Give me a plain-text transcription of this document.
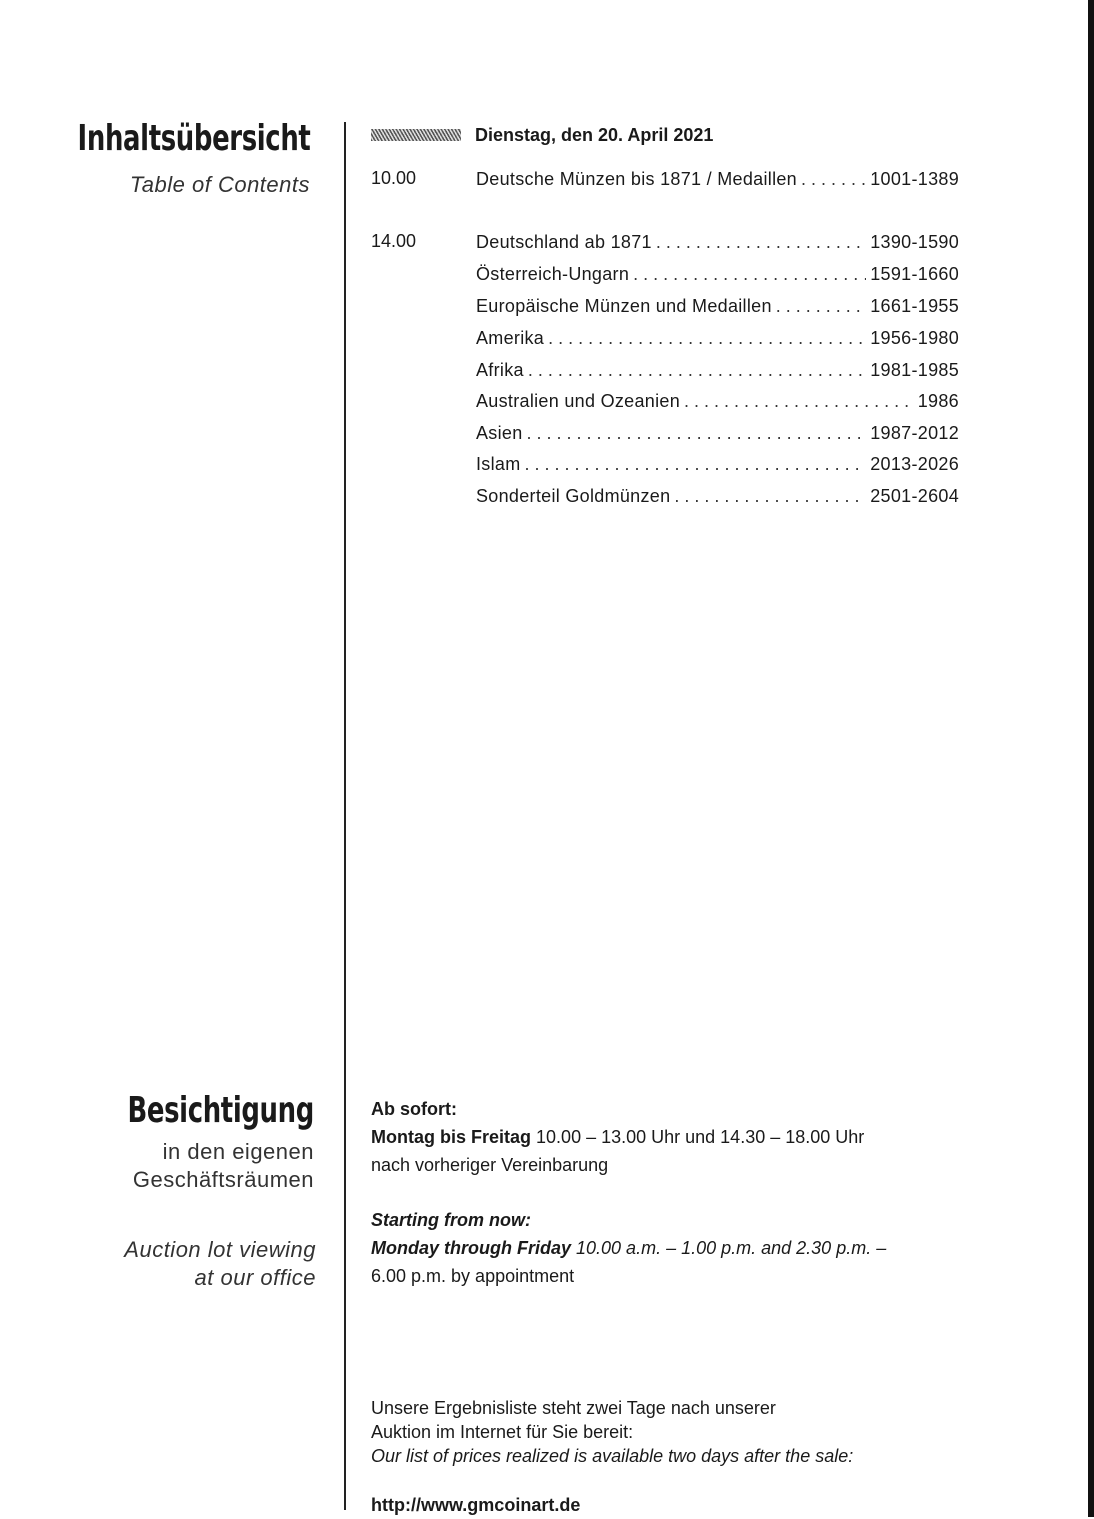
Inhaltsübersicht
Table of Contents
Dienstag, den 20. April 2021
10.00	Deutsche Münzen bis 1871 / Medaillen . . .	1001-1389
14.00	Deutschland ab 1871 . . .	1390-1590
Österreich-Ungarn . . .	1591-1660
Europäische Münzen und Medaillen . . .	1661-1955
Amerika . . .	1956-1980
Afrika . . .	1981-1985
Australien und Ozeanien . . .	1986
Asien . . .	1987-2012
Islam . . .	2013-2026
Sonderteil Goldmünzen . . .	2501-2604
Besichtigung
in den eigenen
Geschäftsräumen
Auction lot viewing
at our office
Ab sofort:
Montag bis Freitag 10.00 – 13.00 Uhr und 14.30 – 18.00 Uhr
nach vorheriger Vereinbarung
Starting from now:
Monday through Friday 10.00 a.m. – 1.00 p.m. and 2.30 p.m. –
6.00 p.m. by appointment
Unsere Ergebnisliste steht zwei Tage nach unserer
Auktion im Internet für Sie bereit:
Our list of prices realized is available two days after the sale:
http://www.gmcoinart.de
